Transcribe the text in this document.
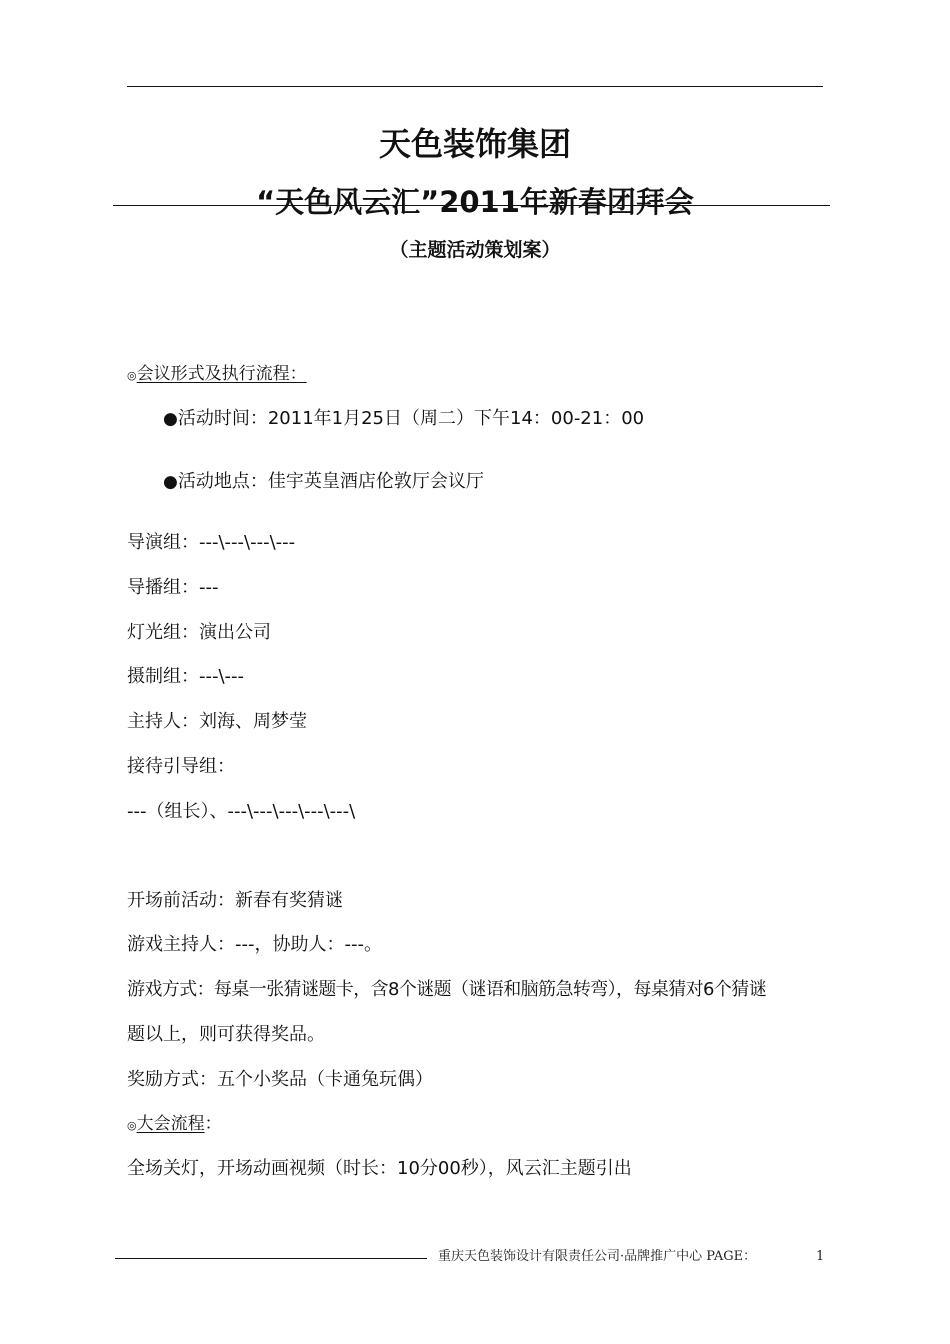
天色装饰集团
“天色风云汇”2011年新春团拜会
（主题活动策划案）
◎会议形式及执行流程：
●活动时间：2011年1月25日（周二）下午14：00-21：00
●活动地点：佳宇英皇酒店伦敦厅会议厅
导演组：---\---\---\---
导播组：---
灯光组：演出公司
摄制组：---\---
主持人：刘海、周梦莹
接待引导组：
---（组长）、---\---\---\---\---\
开场前活动：新春有奖猜谜
游戏主持人：---，协助人：---。
游戏方式：每桌一张猜谜题卡，含8个谜题（谜语和脑筋急转弯），每桌猜对6个猜谜
题以上，则可获得奖品。
奖励方式：五个小奖品（卡通兔玩偶）
◎大会流程：
全场关灯，开场动画视频（时长：10分00秒），风云汇主题引出
重庆天色装饰设计有限责任公司·品牌推广中心 PAGE：	1
